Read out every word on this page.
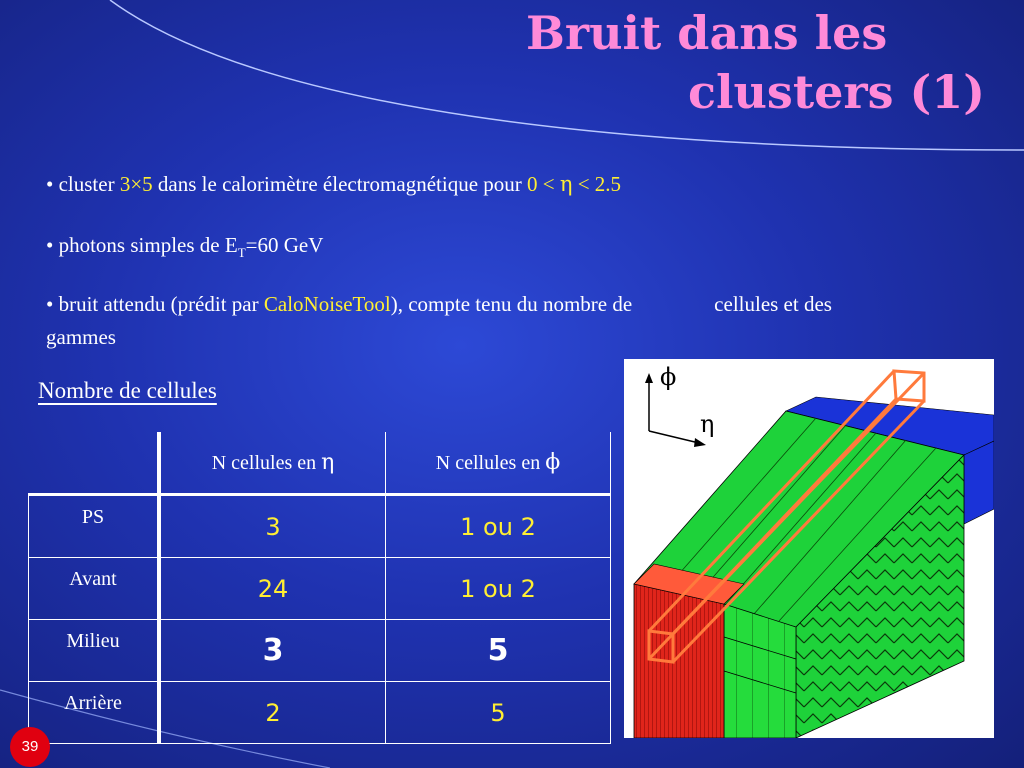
Bruit dans les
clusters (1)
• cluster 3×5 dans le calorimètre électromagnétique pour 0 < η < 2.5
• photons simples de $E_T=60$ GeV
• bruit attendu (prédit par CaloNoiseTool), compte tenu du nombre de	cellules et des
gammes
Nombre de cellules
	N cellules en η	N cellules en ϕ
PS	3	1 ou 2
Avant	24	1 ou 2
Milieu	3	5
Arrière	2	5
ϕ
η
39
